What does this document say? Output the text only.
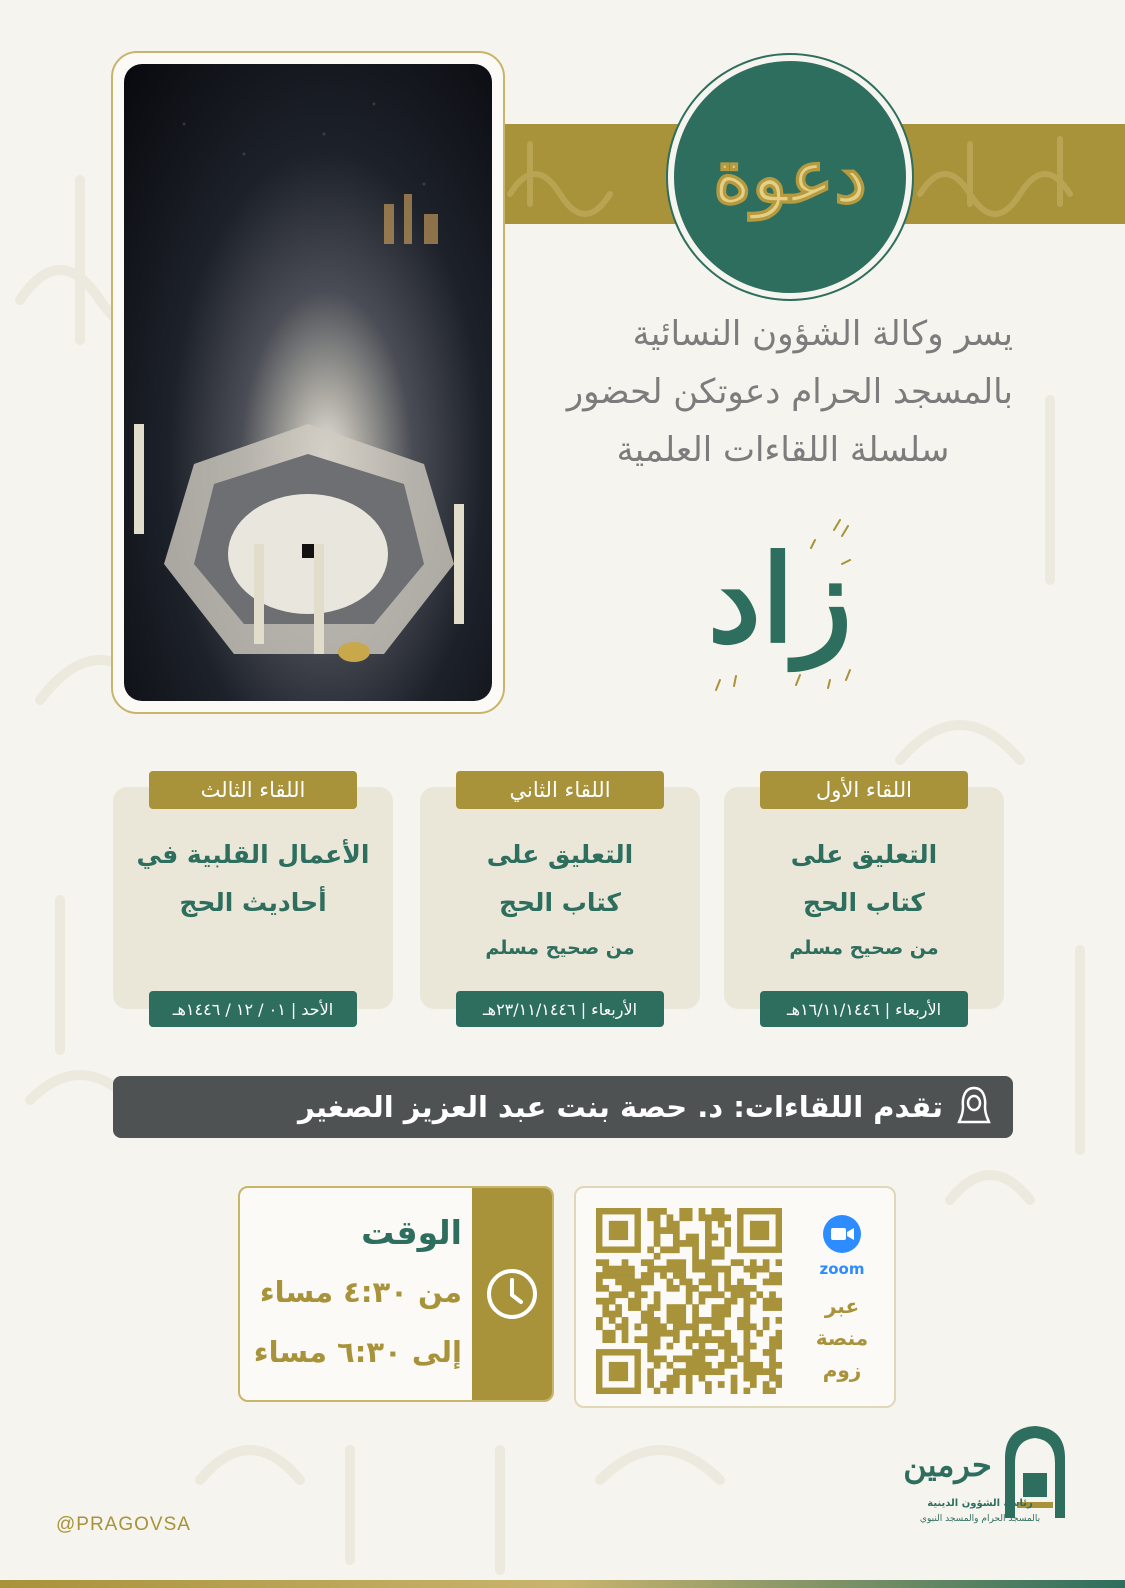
دعوة
يسر وكالة الشؤون النسائية
بالمسجد الحرام دعوتكن لحضور
سلسلة اللقاءات العلمية
زاد
اللقاء الأول
التعليق على
كتاب الحج
من صحيح مسلم
الأربعاء | ١٦/١١/١٤٤٦هـ
اللقاء الثاني
التعليق على
كتاب الحج
من صحيح مسلم
الأربعاء | ٢٣/١١/١٤٤٦هـ
اللقاء الثالث
الأعمال القلبية في
أحاديث الحج
الأحد | ٠١ / ١٢ / ١٤٤٦هـ
تقدم اللقاءات: د. حصة بنت عبد العزيز الصغير
الوقت
من ٤:٣٠ مساء
إلى ٦:٣٠ مساء
zoom
عبر
منصة
زوم
@PRAGOVSA
حرمين
رئاسة الشؤون الدينية
بالمسجد الحرام والمسجد النبوي
